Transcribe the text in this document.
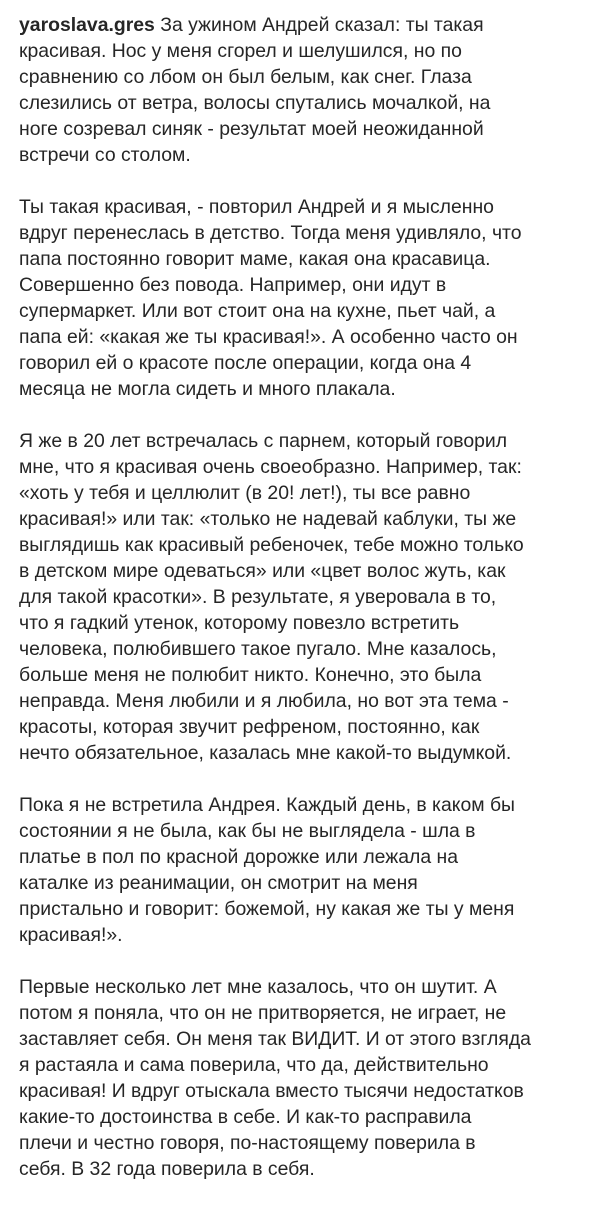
yaroslava.gres За ужином Андрей сказал: ты такая
красивая. Нос у меня сгорел и шелушился, но по
сравнению со лбом он был белым, как снег. Глаза
слезились от ветра, волосы спутались мочалкой, на
ноге созревал синяк - результат моей неожиданной
встречи со столом.
Ты такая красивая, - повторил Андрей и я мысленно
вдруг перенеслась в детство. Тогда меня удивляло, что
папа постоянно говорит маме, какая она красавица.
Совершенно без повода. Например, они идут в
супермаркет. Или вот стоит она на кухне, пьет чай, а
папа ей: «какая же ты красивая!». А особенно часто он
говорил ей о красоте после операции, когда она 4
месяца не могла сидеть и много плакала.
Я же в 20 лет встречалась с парнем, который говорил
мне, что я красивая очень своеобразно. Например, так:
«хоть у тебя и целлюлит (в 20! лет!), ты все равно
красивая!» или так: «только не надевай каблуки, ты же
выглядишь как красивый ребеночек, тебе можно только
в детском мире одеваться» или «цвет волос жуть, как
для такой красотки». В результате, я уверовала в то,
что я гадкий утенок, которому повезло встретить
человека, полюбившего такое пугало. Мне казалось,
больше меня не полюбит никто. Конечно, это была
неправда. Меня любили и я любила, но вот эта тема -
красоты, которая звучит рефреном, постоянно, как
нечто обязательное, казалась мне какой-то выдумкой.
Пока я не встретила Андрея. Каждый день, в каком бы
состоянии я не была, как бы не выглядела - шла в
платье в пол по красной дорожке или лежала на
каталке из реанимации, он смотрит на меня
пристально и говорит: божемой, ну какая же ты у меня
красивая!».
Первые несколько лет мне казалось, что он шутит. А
потом я поняла, что он не притворяется, не играет, не
заставляет себя. Он меня так ВИДИТ. И от этого взгляда
я растаяла и сама поверила, что да, действительно
красивая! И вдруг отыскала вместо тысячи недостатков
какие-то достоинства в себе. И как-то расправила
плечи и честно говоря, по-настоящему поверила в
себя. В 32 года поверила в себя.
